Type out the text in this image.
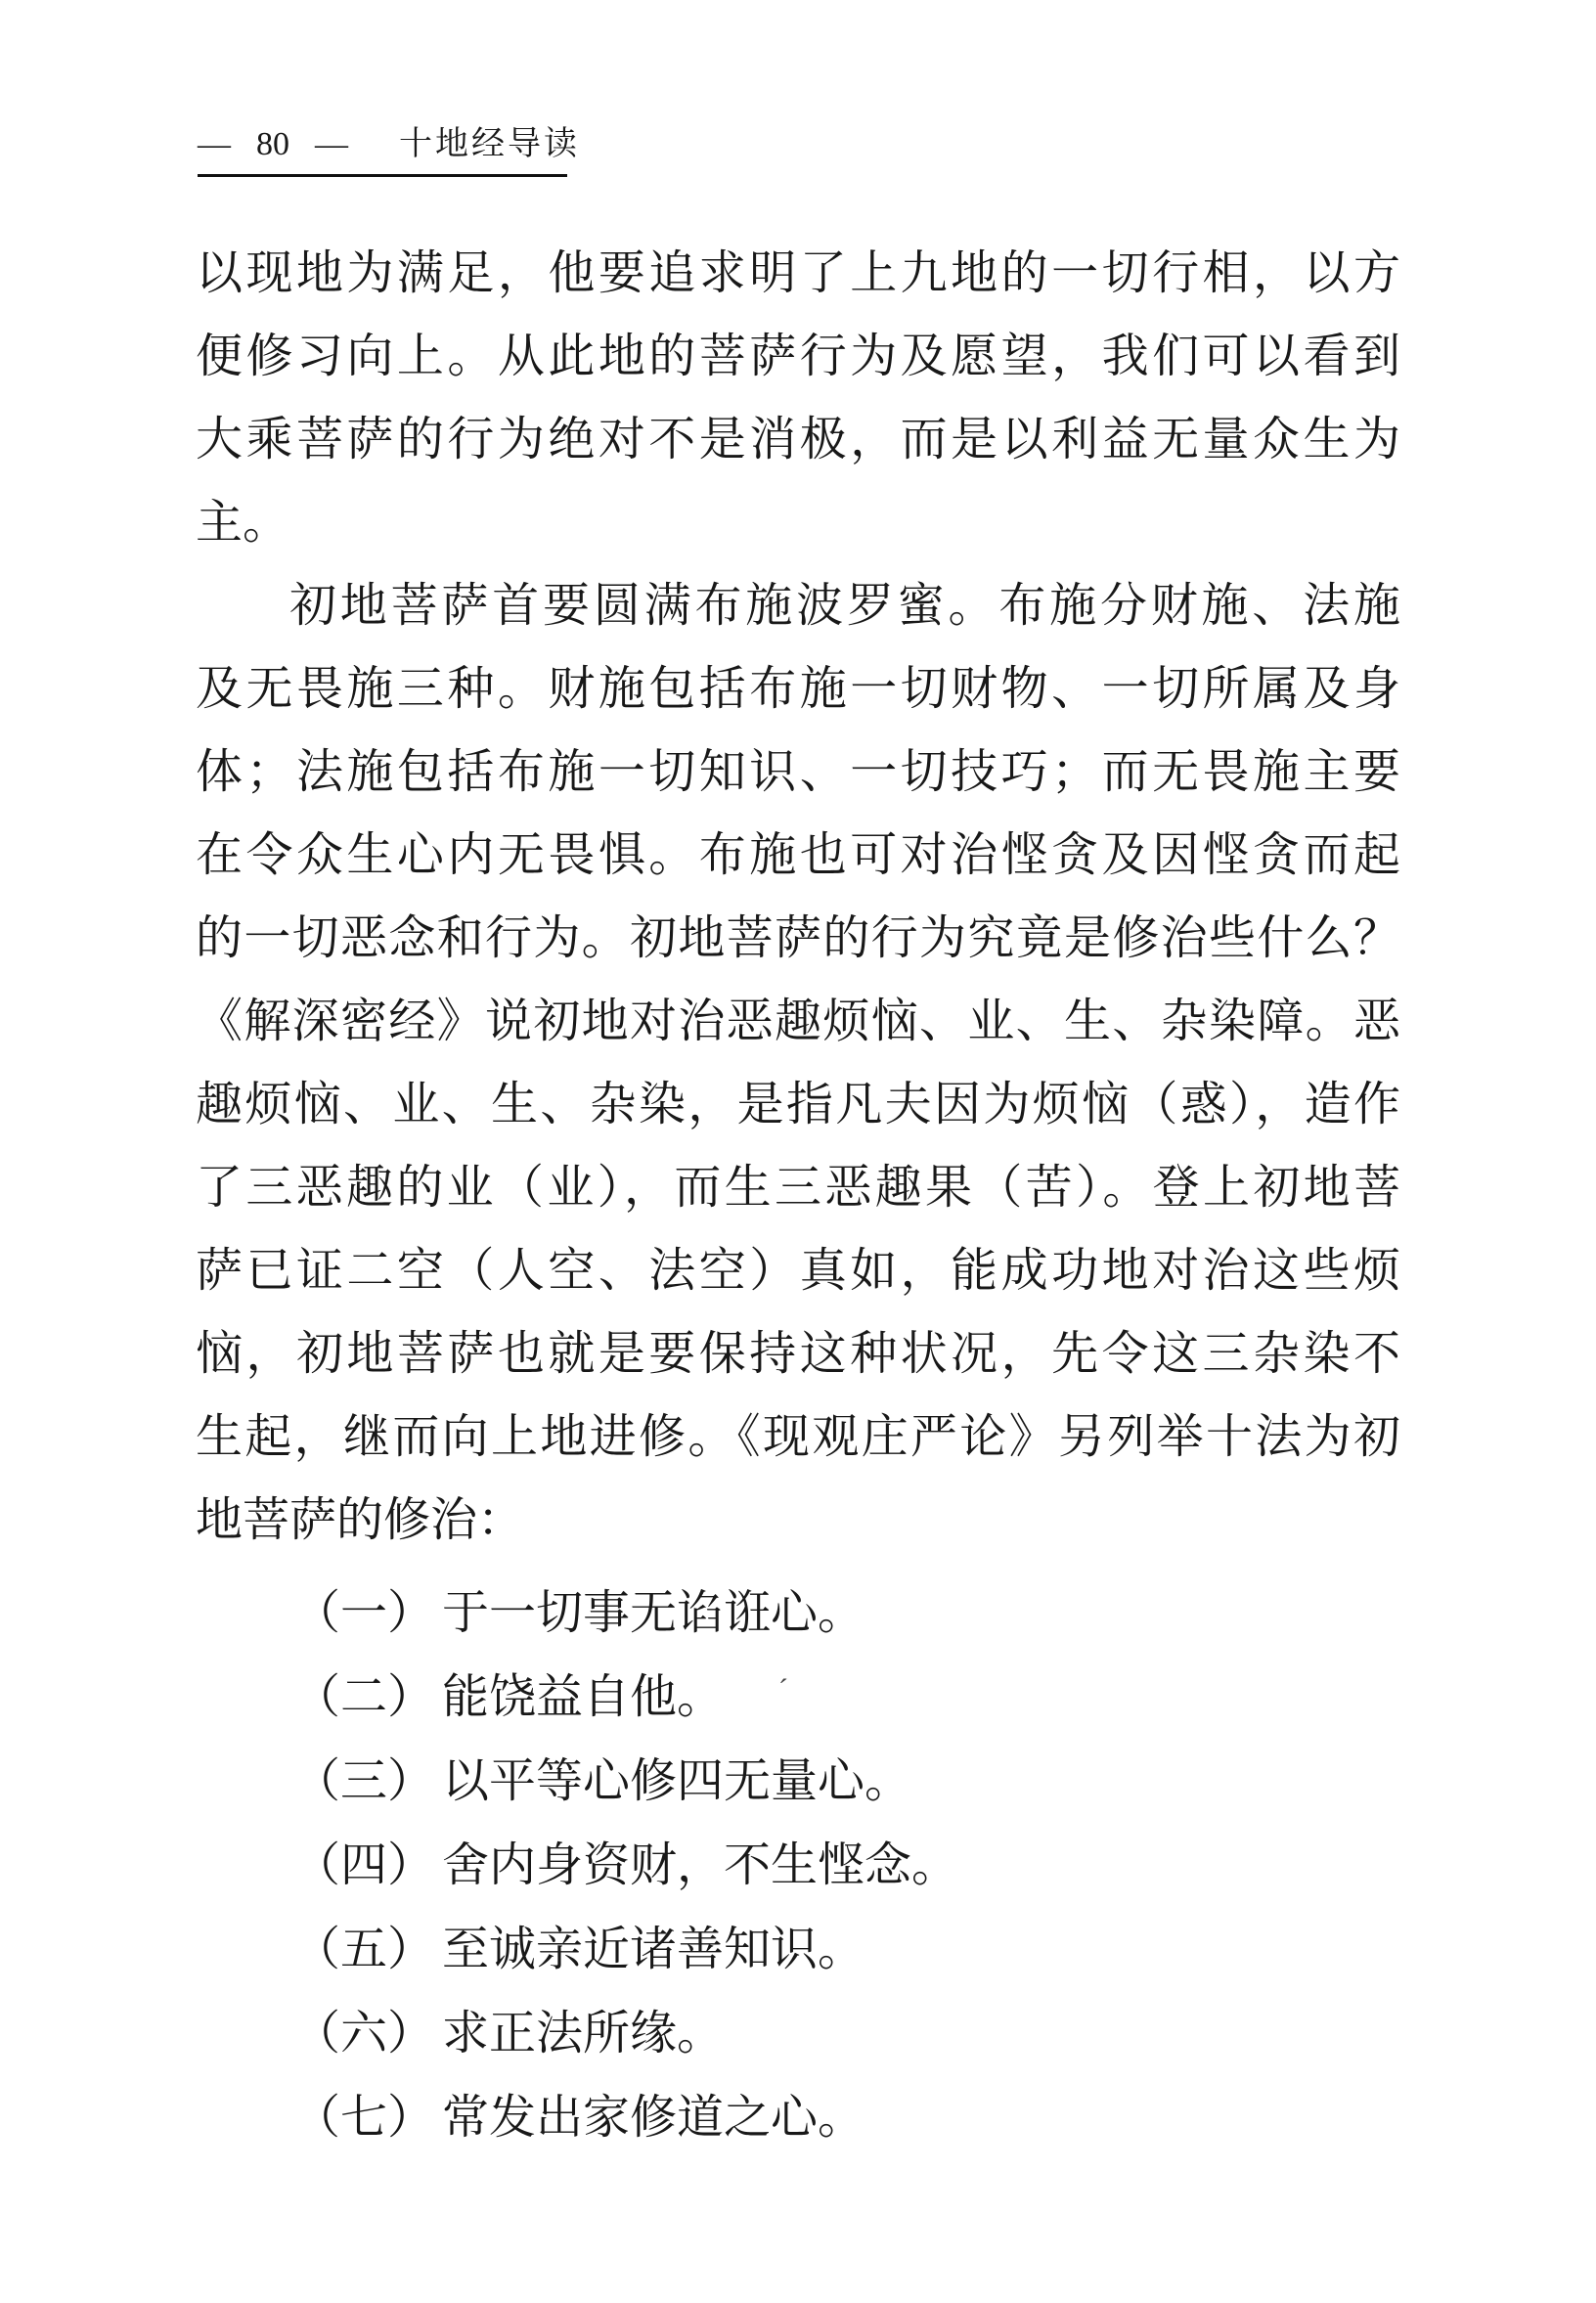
— 80 — 十地经导读
以现地为满足，他要追求明了上九地的一切行相，以方
便修习向上。从此地的菩萨行为及愿望，我们可以看到
大乘菩萨的行为绝对不是消极，而是以利益无量众生为
主。
初地菩萨首要圆满布施波罗蜜。布施分财施、法施
及无畏施三种。财施包括布施一切财物、一切所属及身
体；法施包括布施一切知识、一切技巧；而无畏施主要
在令众生心内无畏惧。布施也可对治悭贪及因悭贪而起
的一切恶念和行为。初地菩萨的行为究竟是修治些什么？
《解深密经》说初地对治恶趣烦恼、业、生、杂染障。恶
趣烦恼、业、生、杂染，是指凡夫因为烦恼（惑），造作
了三恶趣的业（业），而生三恶趣果（苦）。登上初地菩
萨已证二空（人空、法空）真如，能成功地对治这些烦
恼，初地菩萨也就是要保持这种状况，先令这三杂染不
生起，继而向上地进修。《现观庄严论》另列举十法为初
地菩萨的修治：
（一） 于一切事无谄诳心。
（二） 能饶益自他。 ˊ
（三） 以平等心修四无量心。
（四） 舍内身资财，不生悭念。
（五） 至诚亲近诸善知识。
（六） 求正法所缘。
（七） 常发出家修道之心。
